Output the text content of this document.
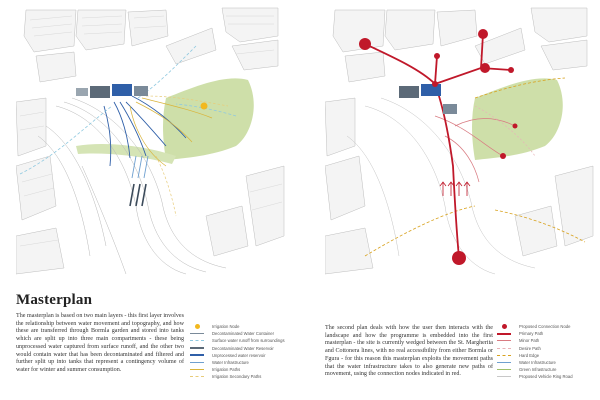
Masterplan
The masterplan is based on two main layers - this first layer involves the relationship between water movement and topography, and how these are transferred through Bormla garden and stored into tanks which are split up into three main compartments - these being unprocessed water captured from surface runoff, and the other two would contain water that has been decontaminated and filtered and further split up into tanks that represent a contingency volume of water for winter and summer consumption.
The second plan deals with how the user then interacts with the landscape and how the programme is embedded into the first masterplan - the site is currently wedged between the St. Margherita and Cottonera lines, with no real accessibility from either Bormla or Fgura - for this reason this masterplan exploits the movement paths that the water infrastructure takes to also generate new paths of movement, using the connection nodes indicated in red.
Irrigation Node
Decontaminated Water Container
Surface water runoff from surroundings
Decontaminated Water Reservoir
Unprocessed water reservoir
Water Infrastructure
Irrigation Paths
Irrigation Secondary Paths
Proposed Connection Node
Primary Path
Minor Path
Desire Path
Hard Edge
Water Infrastructure
Green Infrastructure
Proposed Vehicle Ring Road
